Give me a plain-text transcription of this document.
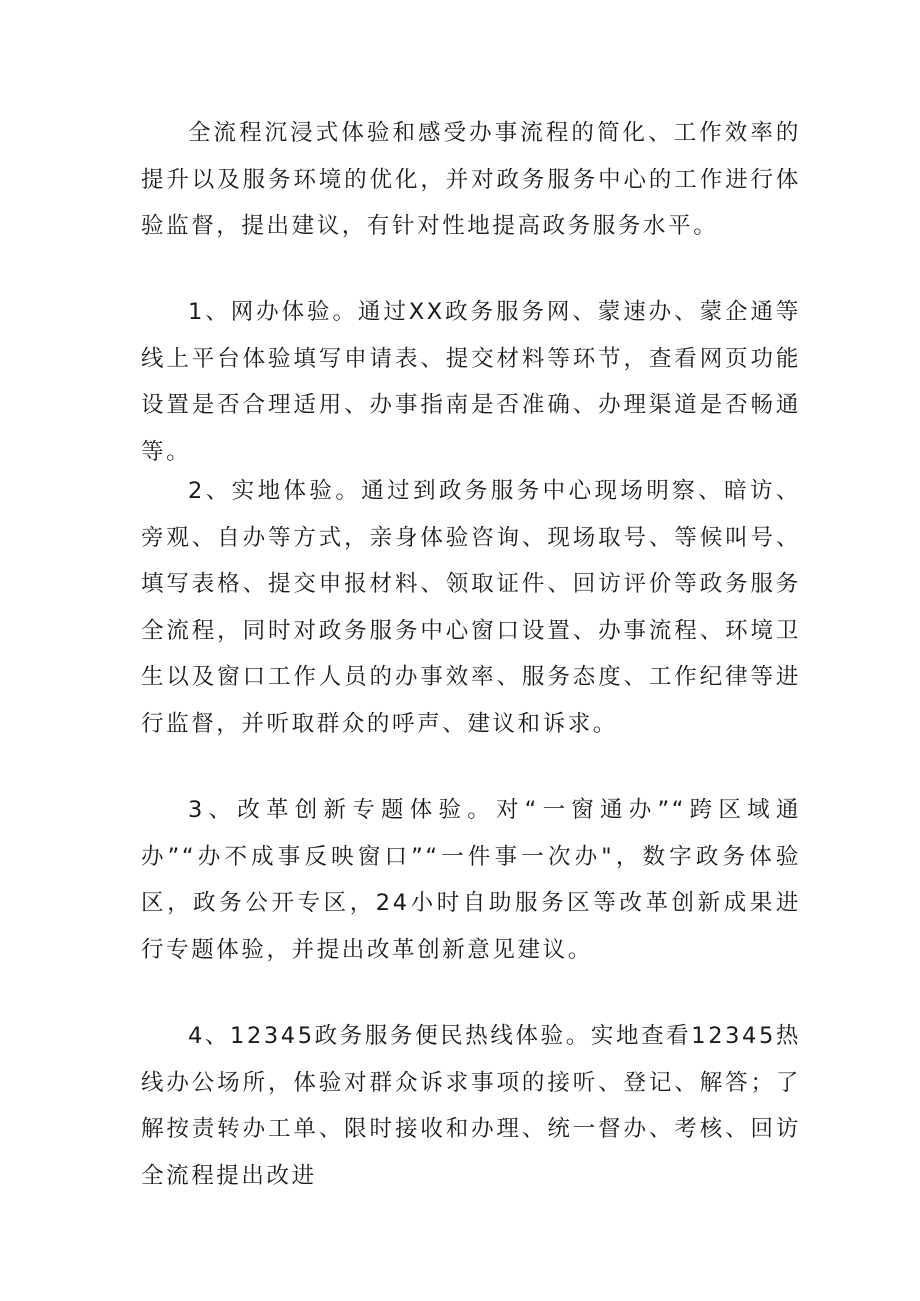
全流程沉浸式体验和感受办事流程的简化、工作效率的提升以及服务环境的优化，并对政务服务中心的工作进行体验监督，提出建议，有针对性地提高政务服务水平。

1、网办体验。通过XX政务服务网、蒙速办、蒙企通等线上平台体验填写申请表、提交材料等环节，查看网页功能设置是否合理适用、办事指南是否准确、办理渠道是否畅通等。

2、实地体验。通过到政务服务中心现场明察、暗访、旁观、自办等方式，亲身体验咨询、现场取号、等候叫号、填写表格、提交申报材料、领取证件、回访评价等政务服务全流程，同时对政务服务中心窗口设置、办事流程、环境卫生以及窗口工作人员的办事效率、服务态度、工作纪律等进行监督，并听取群众的呼声、建议和诉求。

3、改革创新专题体验。对“一窗通办”“跨区域通办”“办不成事反映窗口”“一件事一次办"，数字政务体验区，政务公开专区，24小时自助服务区等改革创新成果进行专题体验，并提出改革创新意见建议。

4、12345政务服务便民热线体验。实地查看12345热线办公场所，体验对群众诉求事项的接听、登记、解答；了解按责转办工单、限时接收和办理、统一督办、考核、回访全流程提出改进
